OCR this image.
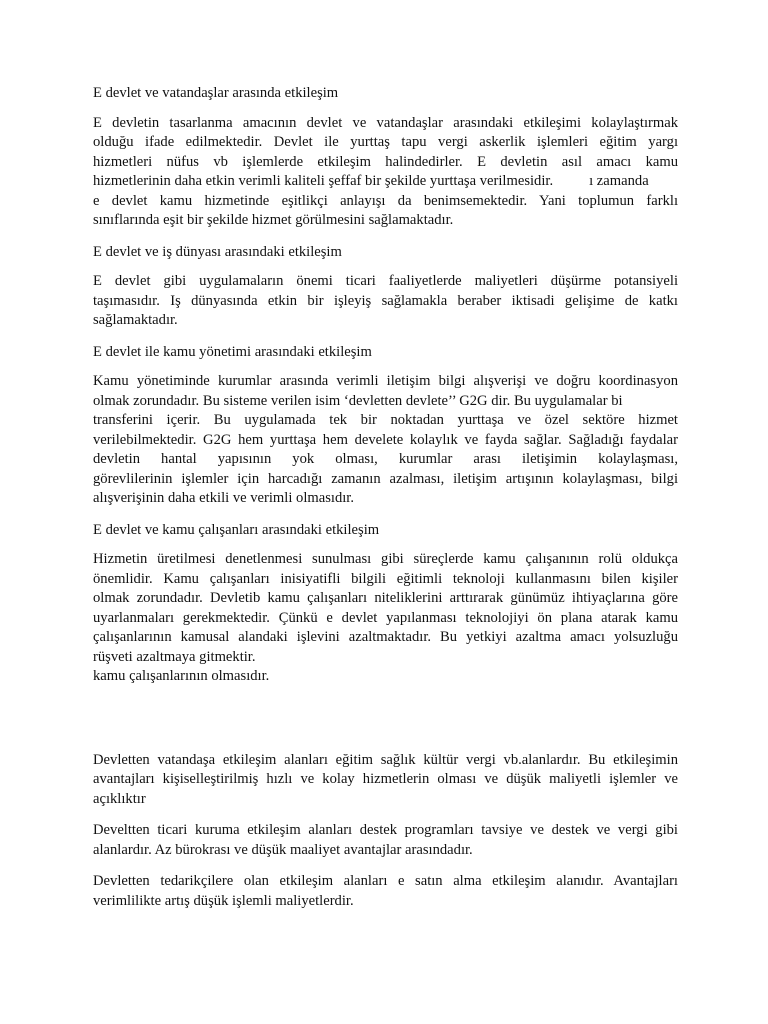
E devlet ve vatandaşlar arasında etkileşim

E devletin tasarlanma amacının devlet ve vatandaşlar arasındaki etkileşimi kolaylaştırmak
olduğu ifade edilmektedir. Devlet ile yurttaş tapu vergi askerlik işlemleri eğitim yargı
hizmetleri nüfus vb işlemlerde etkileşim halindedirler. E devletin asıl amacı kamu
hizmetlerinin daha etkin verimli kaliteli şeffaf bir şekilde yurttaşa verilmesidir. ı zamanda
e devlet kamu hizmetinde eşitlikçi anlayışı da benimsemektedir. Yani toplumun farklı
sınıflarında eşit bir şekilde hizmet görülmesini sağlamaktadır.

E devlet ve iş dünyası arasındaki etkileşim

E devlet gibi uygulamaların önemi ticari faaliyetlerde maliyetleri düşürme potansiyeli
taşımasıdır. Iş dünyasında etkin bir işleyiş sağlamakla beraber iktisadi gelişime de katkı
sağlamaktadır.

E devlet ile kamu yönetimi arasındaki etkileşim

Kamu yönetiminde kurumlar arasında verimli iletişim bilgi alışverişi ve doğru koordinasyon
olmak zorundadır. Bu sisteme verilen isim ‘devletten devlete’’ G2G dir. Bu uygulamalar bi
transferini içerir. Bu uygulamada tek bir noktadan yurttaşa ve özel sektöre hizmet
verilebilmektedir. G2G hem yurttaşa hem develete kolaylık ve fayda sağlar. Sağladığı faydalar
devletin hantal yapısının yok olması, kurumlar arası iletişimin kolaylaşması,
görevlilerinin işlemler için harcadığı zamanın azalması, iletişim artışının kolaylaşması, bilgi
alışverişinin daha etkili ve verimli olmasıdır.

E devlet ve kamu çalışanları arasındaki etkileşim

Hizmetin üretilmesi denetlenmesi sunulması gibi süreçlerde kamu çalışanının rolü oldukça
önemlidir. Kamu çalışanları inisiyatifli bilgili eğitimli teknoloji kullanmasını bilen kişiler
olmak zorundadır. Devletib kamu çalışanları niteliklerini arttırarak günümüz ihtiyaçlarına göre
uyarlanmaları gerekmektedir. Çünkü e devlet yapılanması teknolojiyi ön plana atarak kamu
çalışanlarının kamusal alandaki işlevini azaltmaktadır. Bu yetkiyi azaltma amacı yolsuzluğu
rüşveti azaltmaya gitmektir.
kamu çalışanlarının olmasıdır.
Devletten vatandaşa etkileşim alanları eğitim sağlık kültür vergi vb.alanlardır. Bu etkileşimin
avantajları kişiselleştirilmiş hızlı ve kolay hizmetlerin olması ve düşük maliyetli işlemler ve
açıklıktır
Develtten ticari kuruma etkileşim alanları destek programları tavsiye ve destek ve vergi gibi
alanlardır. Az bürokrası ve düşük maaliyet avantajlar arasındadır.
Devletten tedarikçilere olan etkileşim alanları e satın alma etkileşim alanıdır. Avantajları
verimlilikte artış düşük işlemli maliyetlerdir.
